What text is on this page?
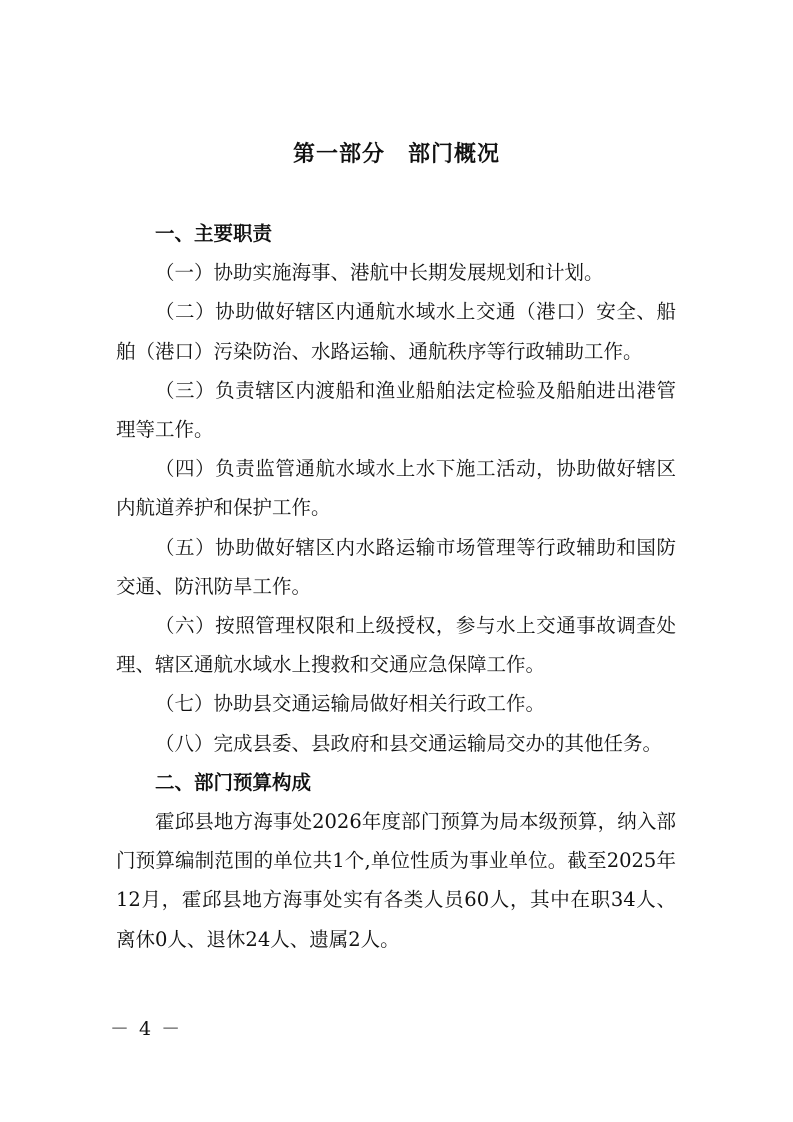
第一部分　部门概况
一、主要职责

（一）协助实施海事、港航中长期发展规划和计划。

（二）协助做好辖区内通航水域水上交通（港口）安全、船舶（港口）污染防治、水路运输、通航秩序等行政辅助工作。

（三）负责辖区内渡船和渔业船舶法定检验及船舶进出港管理等工作。

（四）负责监管通航水域水上水下施工活动，协助做好辖区内航道养护和保护工作。

（五）协助做好辖区内水路运输市场管理等行政辅助和国防交通、防汛防旱工作。

（六）按照管理权限和上级授权，参与水上交通事故调查处理、辖区通航水域水上搜救和交通应急保障工作。

（七）协助县交通运输局做好相关行政工作。

（八）完成县委、县政府和县交通运输局交办的其他任务。

二、部门预算构成

霍邱县地方海事处2026年度部门预算为局本级预算，纳入部门预算编制范围的单位共1个,单位性质为事业单位。截至2025年12月，霍邱县地方海事处实有各类人员60人，其中在职34人、离休0人、退休24人、遗属2人。

－ 4 －
